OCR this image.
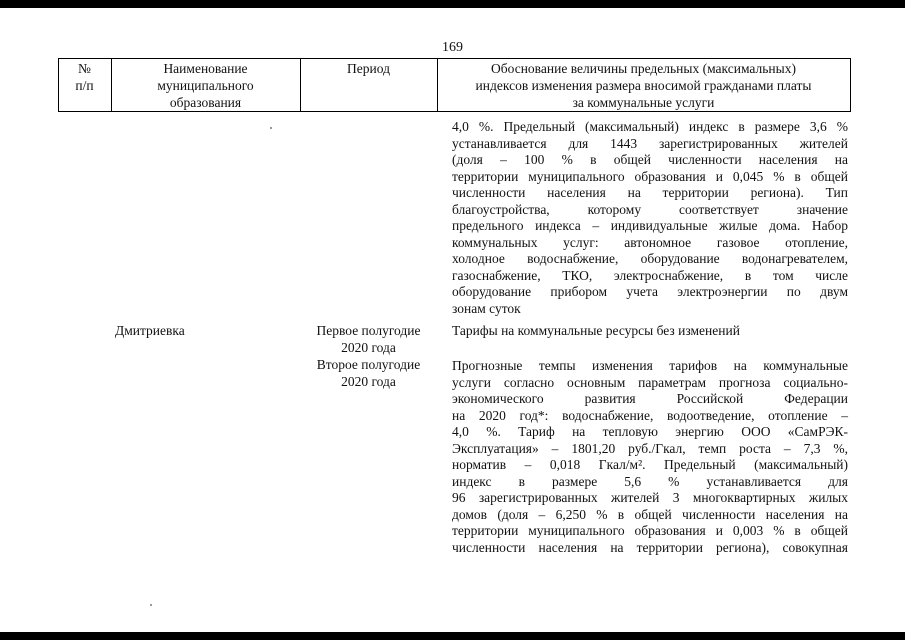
169
№
п/п
Наименование
муниципального
образования
Период	Обоснование величины предельных (максимальных)
индексов изменения размера вносимой гражданами платы
за коммунальные услуги

4,0 %. Предельный (максимальный) индекс в размере 3,6 %

устанавливается для 1443 зарегистрированных жителей

(доля – 100 % в общей численности населения на

территории муниципального образования и 0,045 % в общей

численности населения на территории региона). Тип

благоустройства, которому соответствует значение

предельного индекса – индивидуальные жилые дома. Набор

коммунальных услуг: автономное газовое отопление,

холодное водоснабжение, оборудование водонагревателем,

газоснабжение, ТКО, электроснабжение, в том числе

оборудование прибором учета электроэнергии по двум

зонам суток

Дмитриевка	Первое полугодие
2020 года
Тарифы на коммунальные ресурсы без изменений
Второе полугодие
2020 года

Прогнозные темпы изменения тарифов на коммунальные

услуги согласно основным параметрам прогноза социально-

экономического развития Российской Федерации

на 2020 год*: водоснабжение, водоотведение, отопление –

4,0 %. Тариф на тепловую энергию ООО «СамРЭК-

Эксплуатация» – 1801,20 руб./Гкал, темп роста – 7,3 %,

норматив – 0,018 Гкал/м². Предельный (максимальный)

индекс в размере 5,6 % устанавливается для

96 зарегистрированных жителей 3 многоквартирных жилых

домов (доля – 6,250 % в общей численности населения на

территории муниципального образования и 0,003 % в общей

численности населения на территории региона), совокупная
